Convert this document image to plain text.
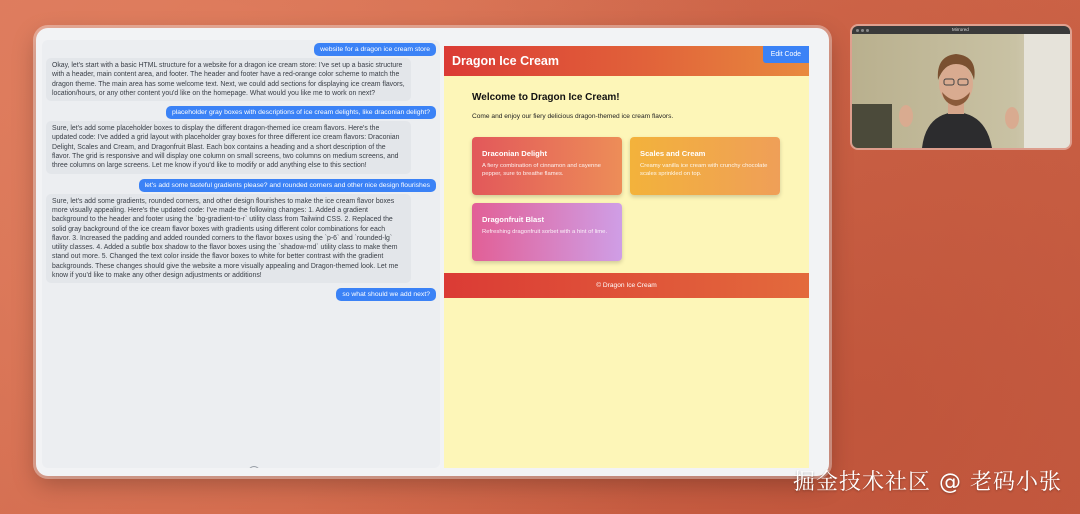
website for a dragon ice cream store
Okay, let's start with a basic HTML structure for a website for a dragon ice cream store: I've set up a basic structure with a header, main content area, and footer. The header and footer have a red-orange color scheme to match the dragon theme. The main area has some welcome text. Next, we could add sections for displaying ice cream flavors, location/hours, or any other content you'd like on the homepage. What would you like me to work on next?
placeholder gray boxes with descriptions of ice cream delights, like draconian delight?
Sure, let's add some placeholder boxes to display the different dragon-themed ice cream flavors. Here's the updated code: I've added a grid layout with placeholder gray boxes for three different ice cream flavors: Draconian Delight, Scales and Cream, and Dragonfruit Blast. Each box contains a heading and a short description of the flavor. The grid is responsive and will display one column on small screens, two columns on medium screens, and three columns on large screens. Let me know if you'd like to modify or add anything else to this section!
let's add some tasteful gradients please? and rounded corners and other nice design flourishes
Sure, let's add some gradients, rounded corners, and other design flourishes to make the ice cream flavor boxes more visually appealing. Here's the updated code: I've made the following changes: 1. Added a gradient background to the header and footer using the `bg-gradient-to-r` utility class from Tailwind CSS. 2. Replaced the solid gray background of the ice cream flavor boxes with gradients using different color combinations for each flavor. 3. Increased the padding and added rounded corners to the flavor boxes using the `p-6` and `rounded-lg` utility classes. 4. Added a subtle box shadow to the flavor boxes using the `shadow-md` utility class to make them stand out more. 5. Changed the text color inside the flavor boxes to white for better contrast with the gradient backgrounds. These changes should give the website a more visually appealing and Dragon-themed look. Let me know if you'd like to make any other design adjustments or additions!
so what should we add next?
Dragon Ice Cream	Edit Code
Welcome to Dragon Ice Cream!

Come and enjoy our fiery delicious dragon-themed ice cream flavors.

Draconian Delight

A fiery combination of cinnamon and cayenne pepper, sure to breathe flames.

Scales and Cream

Creamy vanilla ice cream with crunchy chocolate scales sprinkled on top.

Dragonfruit Blast

Refreshing dragonfruit sorbet with a hint of lime.

© Dragon Ice Cream
Mirrored
掘金技术社区 @ 老码小张
